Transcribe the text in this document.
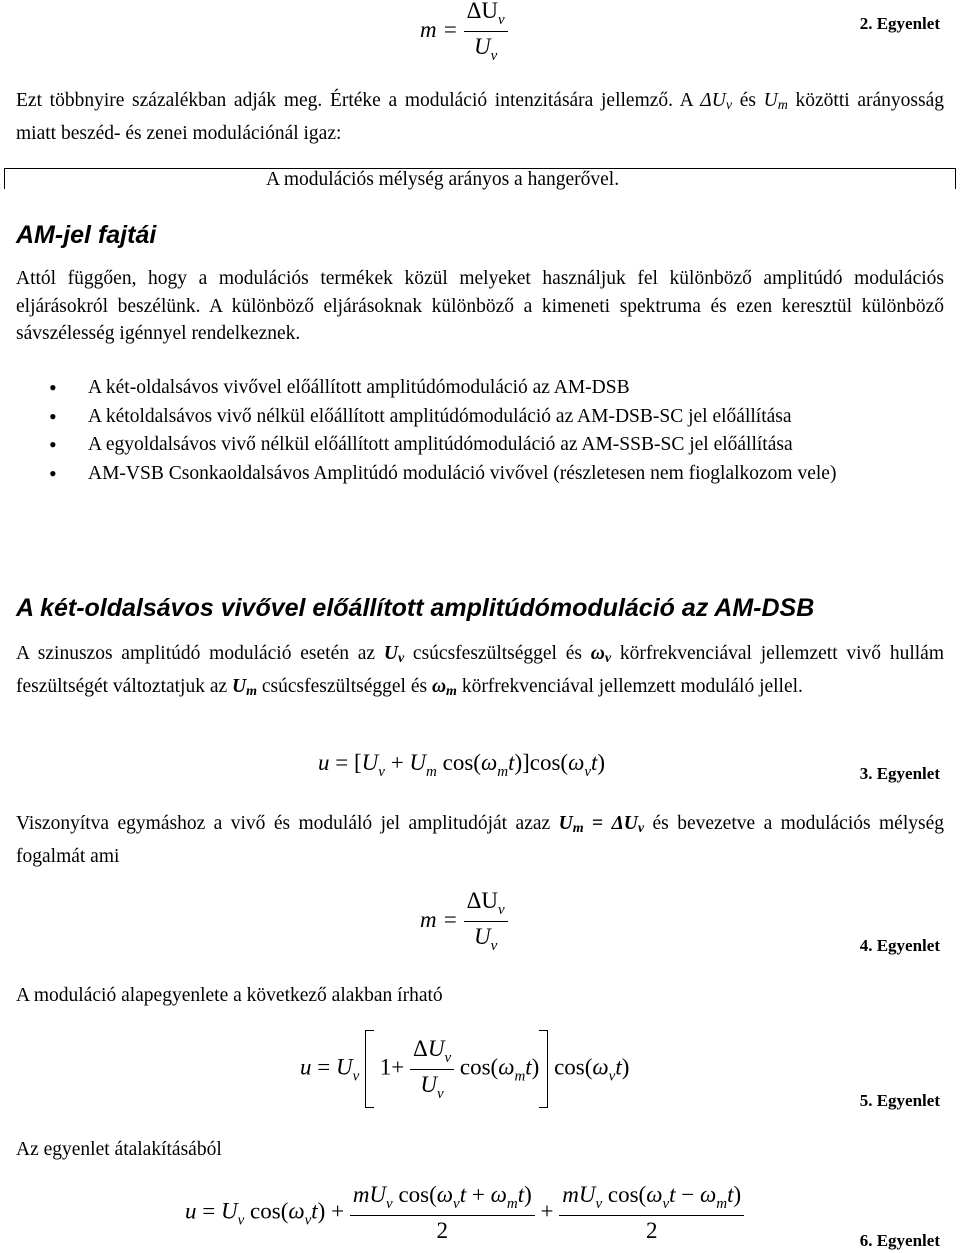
$m = \frac{\Delta U_v}{U_v}$	2. Egyenlet

Ezt többnyire százalékban adják meg. Értéke a moduláció intenzitására jellemző. A $\Delta U_v$ és $U_m$ közötti arányosság miatt beszéd- és zenei modulációnál igaz:

A modulációs mélység arányos a hangerővel.
AM-jel fajtái

Attól függően, hogy a modulációs termékek közül melyeket használjuk fel különböző amplitúdó modulációs eljárásokról beszélünk. A különböző eljárásoknak különböző a kimeneti spektruma és ezen keresztül különböző sávszélesség igénnyel rendelkeznek.

• A két-oldalsávos vivővel előállított amplitúdómoduláció az AM-DSB
• A kétoldalsávos vivő nélkül előállított amplitúdómoduláció az AM-DSB-SC jel előállítása
• A egyoldalsávos vivő nélkül előállított amplitúdómoduláció az AM-SSB-SC jel előállítása
• AM-VSB Csonkaoldalsávos Amplitúdó moduláció vivővel (részletesen nem fioglalkozom vele)
A két-oldalsávos vivővel előállított amplitúdómoduláció az AM-DSB

A szinuszos amplitúdó moduláció esetén az $U_v$ csúcsfeszültséggel és $\omega_v$ körfrekvenciával jellemzett vivő hullám feszültségét változtatjuk az $U_m$ csúcsfeszültséggel és $\omega_m$ körfrekvenciával jellemzett moduláló jellel.

$u = [U_v + U_m$ $\cos(\omega_mt)]\cos(\omega_vt)$	3. Egyenlet

Viszonyítva egymáshoz a vivő és moduláló jel amplitudóját azaz $U_m = \Delta U_v$ és bevezetve a modulációs mélység fogalmát ami

$m = \frac{\Delta U_v}{U_v}$	4. Egyenlet

A moduláció alapegyenlete a következő alakban írható

$u = U_v$  $1+ \frac{\Delta U_v}{U_v} \cos(\omega_mt)$ $\cos(\omega_vt)$
5. Egyenlet

Az egyenlet átalakításából

$u = U_v$ $\cos(\omega_vt) + \frac{mU_v \cos(\omega_vt + \omega_mt)}{2} + \frac{mU_v \cos(\omega_vt - \omega_mt)}{2}$	6. Egyenlet
